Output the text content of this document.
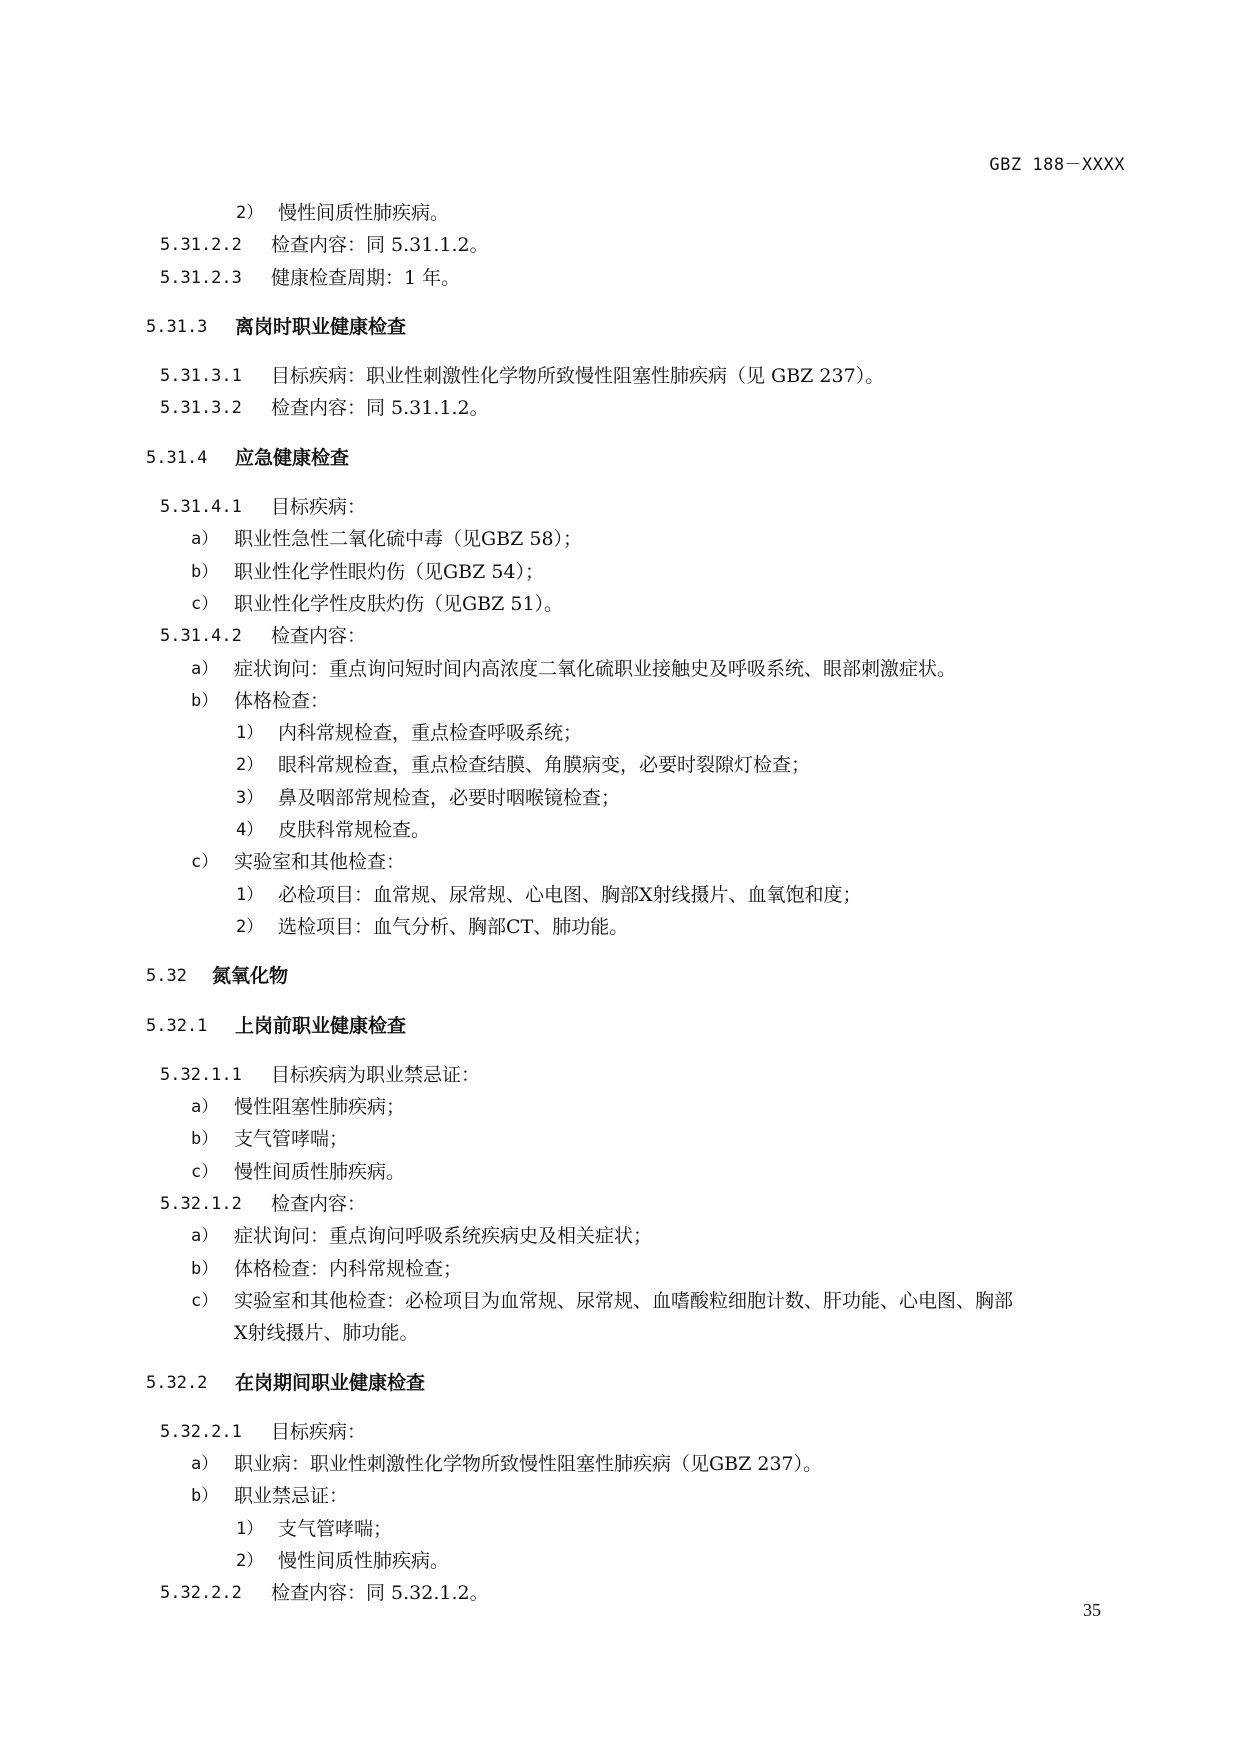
GBZ 188－XXXX
2） 慢性间质性肺疾病。
5.31.2.2 检查内容：同 5.31.1.2。
5.31.2.3 健康检查周期：1 年。
5.31.3 离岗时职业健康检查
5.31.3.1 目标疾病：职业性刺激性化学物所致慢性阻塞性肺疾病（见 GBZ 237）。
5.31.3.2 检查内容：同 5.31.1.2。
5.31.4 应急健康检查
5.31.4.1 目标疾病：
a） 职业性急性二氧化硫中毒（见GBZ 58）；
b） 职业性化学性眼灼伤（见GBZ 54）；
c） 职业性化学性皮肤灼伤（见GBZ 51）。
5.31.4.2 检查内容：
a） 症状询问：重点询问短时间内高浓度二氧化硫职业接触史及呼吸系统、眼部刺激症状。
b） 体格检查：
1） 内科常规检查，重点检查呼吸系统；
2） 眼科常规检查，重点检查结膜、角膜病变，必要时裂隙灯检查；
3） 鼻及咽部常规检查，必要时咽喉镜检查；
4） 皮肤科常规检查。
c） 实验室和其他检查：
1） 必检项目：血常规、尿常规、心电图、胸部X射线摄片、血氧饱和度；
2） 选检项目：血气分析、胸部CT、肺功能。
5.32 氮氧化物
5.32.1 上岗前职业健康检查
5.32.1.1 目标疾病为职业禁忌证：
a） 慢性阻塞性肺疾病；
b） 支气管哮喘；
c） 慢性间质性肺疾病。
5.32.1.2 检查内容：
a） 症状询问：重点询问呼吸系统疾病史及相关症状；
b） 体格检查：内科常规检查；
c） 实验室和其他检查：必检项目为血常规、尿常规、血嗜酸粒细胞计数、肝功能、心电图、胸部
X射线摄片、肺功能。
5.32.2 在岗期间职业健康检查
5.32.2.1 目标疾病：
a） 职业病：职业性刺激性化学物所致慢性阻塞性肺疾病（见GBZ 237）。
b） 职业禁忌证：
1） 支气管哮喘；
2） 慢性间质性肺疾病。
5.32.2.2 检查内容：同 5.32.1.2。
35
